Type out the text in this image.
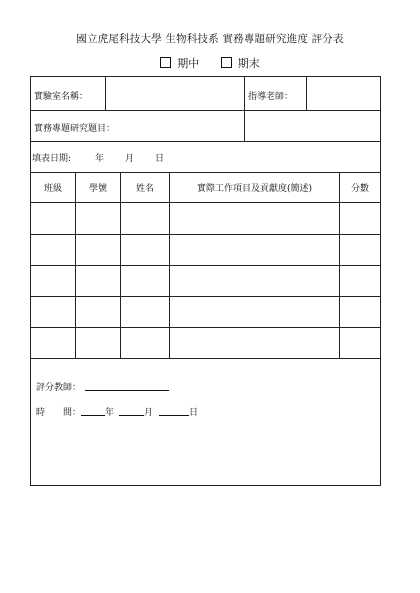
國立虎尾科技大學 生物科技系 實務專題研究進度 評分表
期中	期末
實驗室名稱：	指導老師：
實務專題研究題目：
填表日期:	年 月 日
班級	學號	姓名	實際工作項目及貢獻度(簡述)	分數
評分教師：
時　　間：	年	月	日
